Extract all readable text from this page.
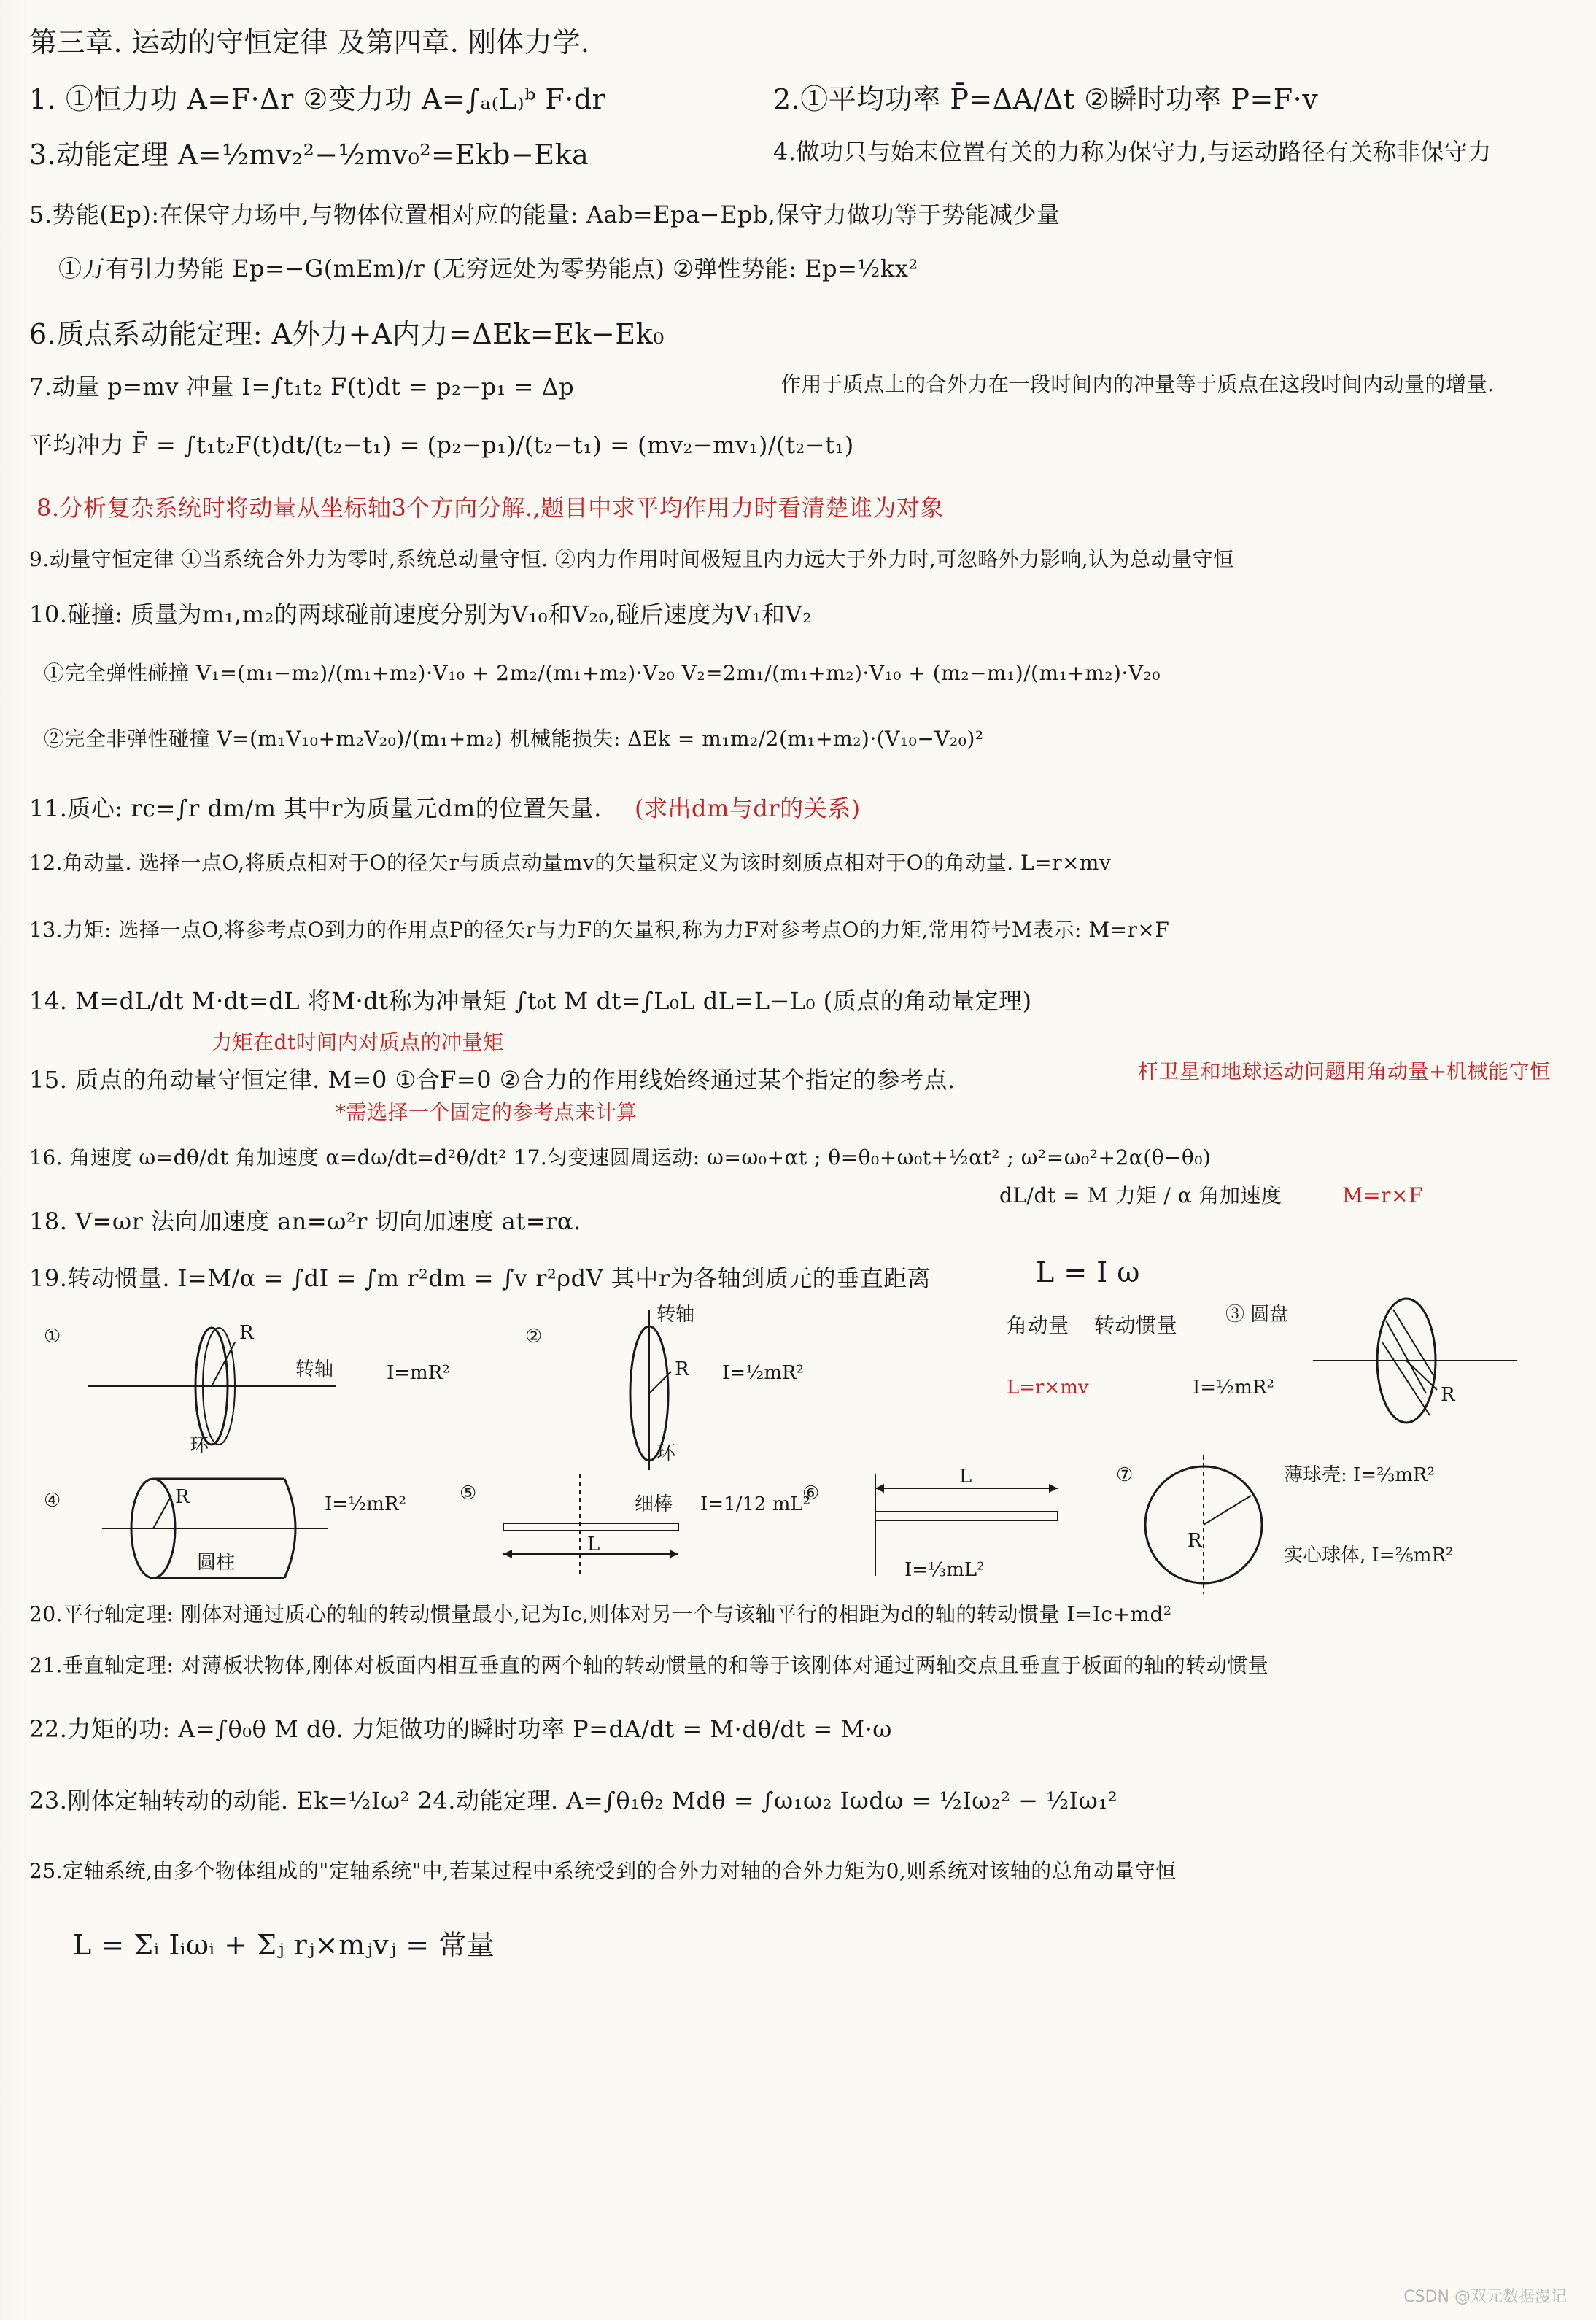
第三章. 运动的守恒定律 及第四章. 刚体力学.
1. ①恒力功 A=F·Δr ②变力功 A=∫ₐ₍L₎ᵇ F·dr	2.①平均功率 P̄=ΔA/Δt ②瞬时功率 P=F·v
3.动能定理 A=½mv₂²−½mv₀²=Ekb−Eka	4.做功只与始末位置有关的力称为保守力,与运动路径有关称非保守力
5.势能(Ep):在保守力场中,与物体位置相对应的能量: Aab=Epa−Epb,保守力做功等于势能减少量
①万有引力势能 Ep=−G(mEm)/r (无穷远处为零势能点) ②弹性势能: Ep=½kx²
6.质点系动能定理: A外力+A内力=ΔEk=Ek−Ek₀
7.动量 p=mv 冲量 I=∫t₁t₂ F(t)dt = p₂−p₁ = Δp	作用于质点上的合外力在一段时间内的冲量等于质点在这段时间内动量的增量.
平均冲力 F̄ = ∫t₁t₂F(t)dt/(t₂−t₁) = (p₂−p₁)/(t₂−t₁) = (mv₂−mv₁)/(t₂−t₁)
8.分析复杂系统时将动量从坐标轴3个方向分解.,题目中求平均作用力时看清楚谁为对象
9.动量守恒定律 ①当系统合外力为零时,系统总动量守恒. ②内力作用时间极短且内力远大于外力时,可忽略外力影响,认为总动量守恒
10.碰撞: 质量为m₁,m₂的两球碰前速度分别为V₁₀和V₂₀,碰后速度为V₁和V₂
①完全弹性碰撞 V₁=(m₁−m₂)/(m₁+m₂)·V₁₀ + 2m₂/(m₁+m₂)·V₂₀ V₂=2m₁/(m₁+m₂)·V₁₀ + (m₂−m₁)/(m₁+m₂)·V₂₀
②完全非弹性碰撞 V=(m₁V₁₀+m₂V₂₀)/(m₁+m₂) 机械能损失: ΔEk = m₁m₂/2(m₁+m₂)·(V₁₀−V₂₀)²
11.质心: rc=∫r dm/m 其中r为质量元dm的位置矢量. (求出dm与dr的关系)
12.角动量. 选择一点O,将质点相对于O的径矢r与质点动量mv的矢量积定义为该时刻质点相对于O的角动量. L=r×mv
13.力矩: 选择一点O,将参考点O到力的作用点P的径矢r与力F的矢量积,称为力F对参考点O的力矩,常用符号M表示: M=r×F
14. M=dL/dt M·dt=dL 将M·dt称为冲量矩 ∫t₀t M dt=∫L₀L dL=L−L₀ (质点的角动量定理)
力矩在dt时间内对质点的冲量矩
15. 质点的角动量守恒定律. M=0 ①合F=0 ②合力的作用线始终通过某个指定的参考点.	杆卫星和地球运动问题用角动量+机械能守恒
*需选择一个固定的参考点来计算
16. 角速度 ω=dθ/dt 角加速度 α=dω/dt=d²θ/dt² 17.匀变速圆周运动: ω=ω₀+αt ; θ=θ₀+ω₀t+½αt² ; ω²=ω₀²+2α(θ−θ₀)
18. V=ωr 法向加速度 an=ω²r 切向加速度 at=rα.
dL/dt = M 力矩 / α 角加速度	M=r×F
19.转动惯量. I=M/α = ∫dI = ∫m r²dm = ∫v r²ρdV 其中r为各轴到质元的垂直距离	L = I ω
角动量 转动惯量
①	R
转轴
环
I=mR²
②
R
转轴
环
I=½mR²
③ 圆盘
L=r×mv	I=½mR²	R
④	R
圆柱
I=½mR²	⑤
L
细棒 I=1/12 mL²
⑥
L
I=⅓mL²
⑦
R
薄球壳: I=⅔mR²
实心球体, I=⅖mR²
20.平行轴定理: 刚体对通过质心的轴的转动惯量最小,记为Ic,则体对另一个与该轴平行的相距为d的轴的转动惯量 I=Ic+md²
21.垂直轴定理: 对薄板状物体,刚体对板面内相互垂直的两个轴的转动惯量的和等于该刚体对通过两轴交点且垂直于板面的轴的转动惯量
22.力矩的功: A=∫θ₀θ M dθ. 力矩做功的瞬时功率 P=dA/dt = M·dθ/dt = M·ω
23.刚体定轴转动的动能. Ek=½Iω² 24.动能定理. A=∫θ₁θ₂ Mdθ = ∫ω₁ω₂ Iωdω = ½Iω₂² − ½Iω₁²
25.定轴系统,由多个物体组成的"定轴系统"中,若某过程中系统受到的合外力对轴的合外力矩为0,则系统对该轴的总角动量守恒
L = Σᵢ Iᵢωᵢ + Σⱼ rⱼ×mⱼvⱼ = 常量
CSDN @双元数据漫记
